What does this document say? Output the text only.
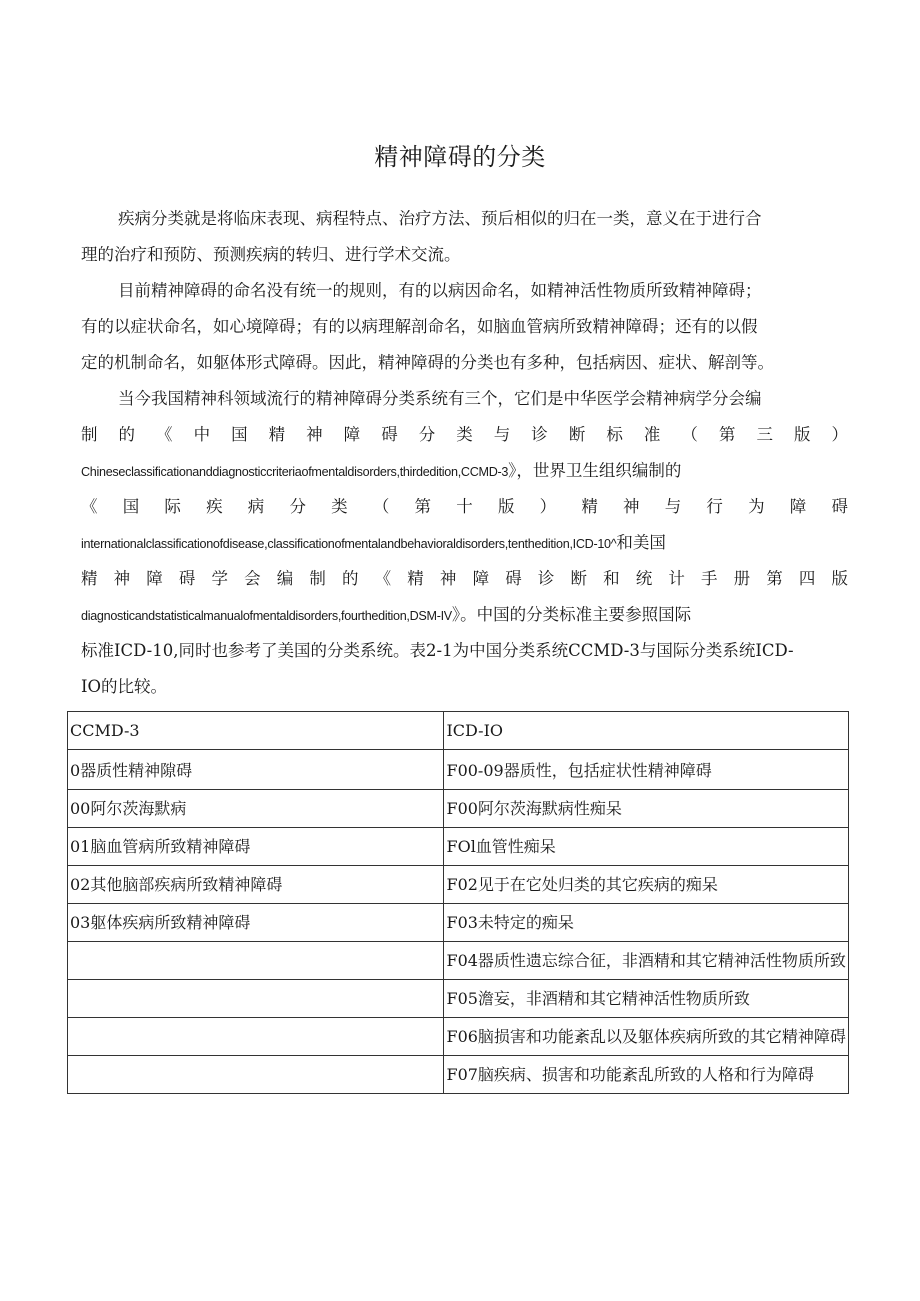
精神障碍的分类
疾病分类就是将临床表现、病程特点、治疗方法、预后相似的归在一类，意义在于进行合
理的治疗和预防、预测疾病的转归、进行学术交流。
目前精神障碍的命名没有统一的规则，有的以病因命名，如精神活性物质所致精神障碍；
有的以症状命名，如心境障碍；有的以病理解剖命名，如脑血管病所致精神障碍；还有的以假
定的机制命名，如躯体形式障碍。因此，精神障碍的分类也有多种，包括病因、症状、解剖等。
当今我国精神科领域流行的精神障碍分类系统有三个，它们是中华医学会精神病学分会编
制的《中国精神障碍分类与诊断标准（第三版）
Chineseclassificationanddiagnosticcriteriaofmentaldisorders,thirdedition,CCMD-3》，世界卫生组织编制的
《国际疾病分类（第十版）精神与行为障碍
internationalclassificationofdisease,classificationofmentalandbehavioraldisorders,tenthedition,ICD-10^和美国
精神障碍学会编制的《精神障碍诊断和统计手册第四版
diagnosticandstatisticalmanualofmentaldisorders,fourthedition,DSM-IV》。中国的分类标准主要参照国际
标准ICD-10,同时也参考了美国的分类系统。表2-1为中国分类系统CCMD-3与国际分类系统ICD-
IO的比较。
CCMD-3	ICD-IO
0器质性精神隙碍	F00-09器质性，包括症状性精神障碍
00阿尔茨海默病	F00阿尔茨海默病性痴呆
01脑血管病所致精神障碍	FOl血管性痴呆
02其他脑部疾病所致精神障碍	F02见于在它处归类的其它疾病的痴呆
03躯体疾病所致精神障碍	F03未特定的痴呆
	F04器质性遗忘综合征，非酒精和其它精神活性物质所致
	F05澹妄，非酒精和其它精神活性物质所致
	F06脑损害和功能紊乱以及躯体疾病所致的其它精神障碍
	F07脑疾病、损害和功能紊乱所致的人格和行为障碍
